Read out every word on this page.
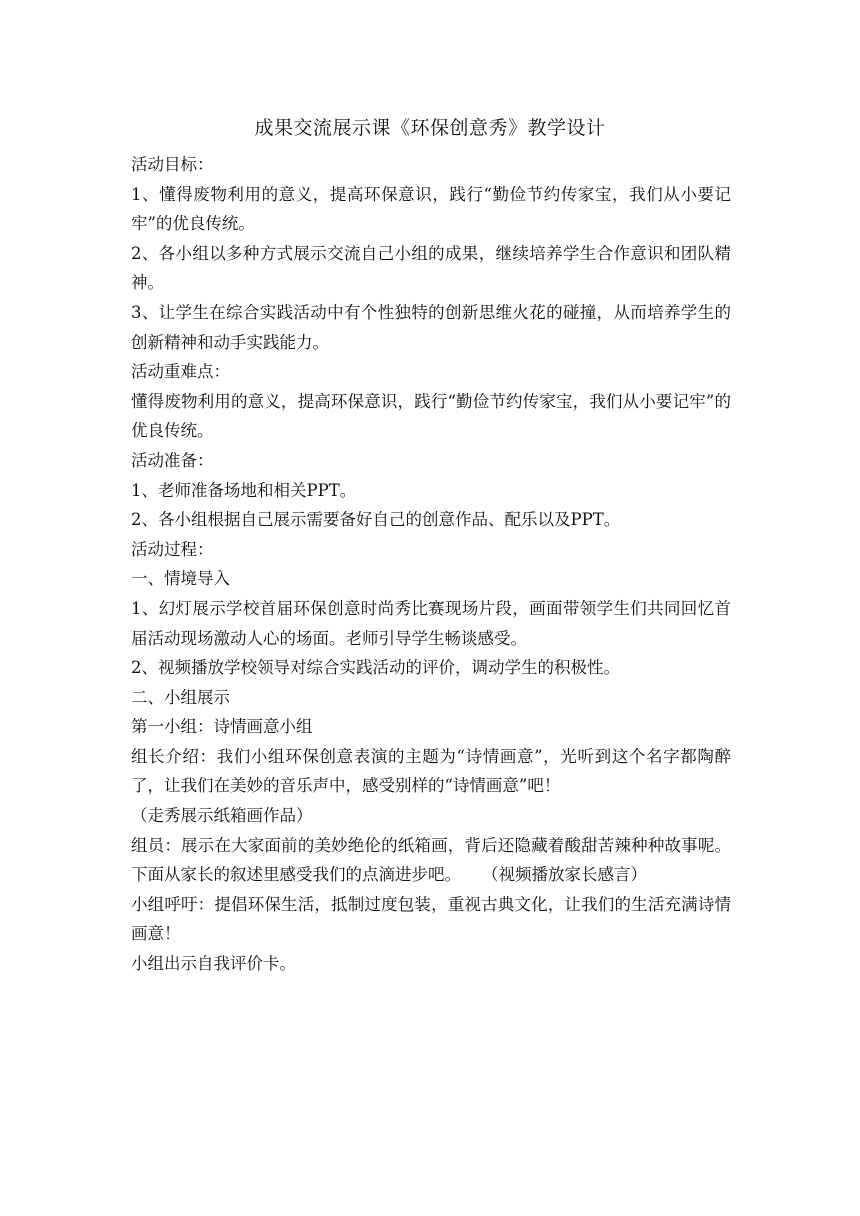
成果交流展示课《环保创意秀》教学设计

活动目标：

1、懂得废物利用的意义，提高环保意识，践行“勤俭节约传家宝，我们从小要记牢”的优良传统。

2、各小组以多种方式展示交流自己小组的成果，继续培养学生合作意识和团队精神。

3、让学生在综合实践活动中有个性独特的创新思维火花的碰撞，从而培养学生的创新精神和动手实践能力。

活动重难点：

懂得废物利用的意义，提高环保意识，践行“勤俭节约传家宝，我们从小要记牢”的优良传统。

活动准备：

1、老师准备场地和相关PPT。

2、各小组根据自己展示需要备好自己的创意作品、配乐以及PPT。

活动过程：

一、情境导入

1、幻灯展示学校首届环保创意时尚秀比赛现场片段，画面带领学生们共同回忆首届活动现场激动人心的场面。老师引导学生畅谈感受。

2、视频播放学校领导对综合实践活动的评价，调动学生的积极性。

二、小组展示

第一小组：诗情画意小组

组长介绍：我们小组环保创意表演的主题为“诗情画意”，光听到这个名字都陶醉了，让我们在美妙的音乐声中，感受别样的“诗情画意”吧！

（走秀展示纸箱画作品）

组员：展示在大家面前的美妙绝伦的纸箱画，背后还隐藏着酸甜苦辣种种故事呢。下面从家长的叙述里感受我们的点滴进步吧。    （视频播放家长感言）

小组呼吁：提倡环保生活，抵制过度包装，重视古典文化，让我们的生活充满诗情画意！

小组出示自我评价卡。
